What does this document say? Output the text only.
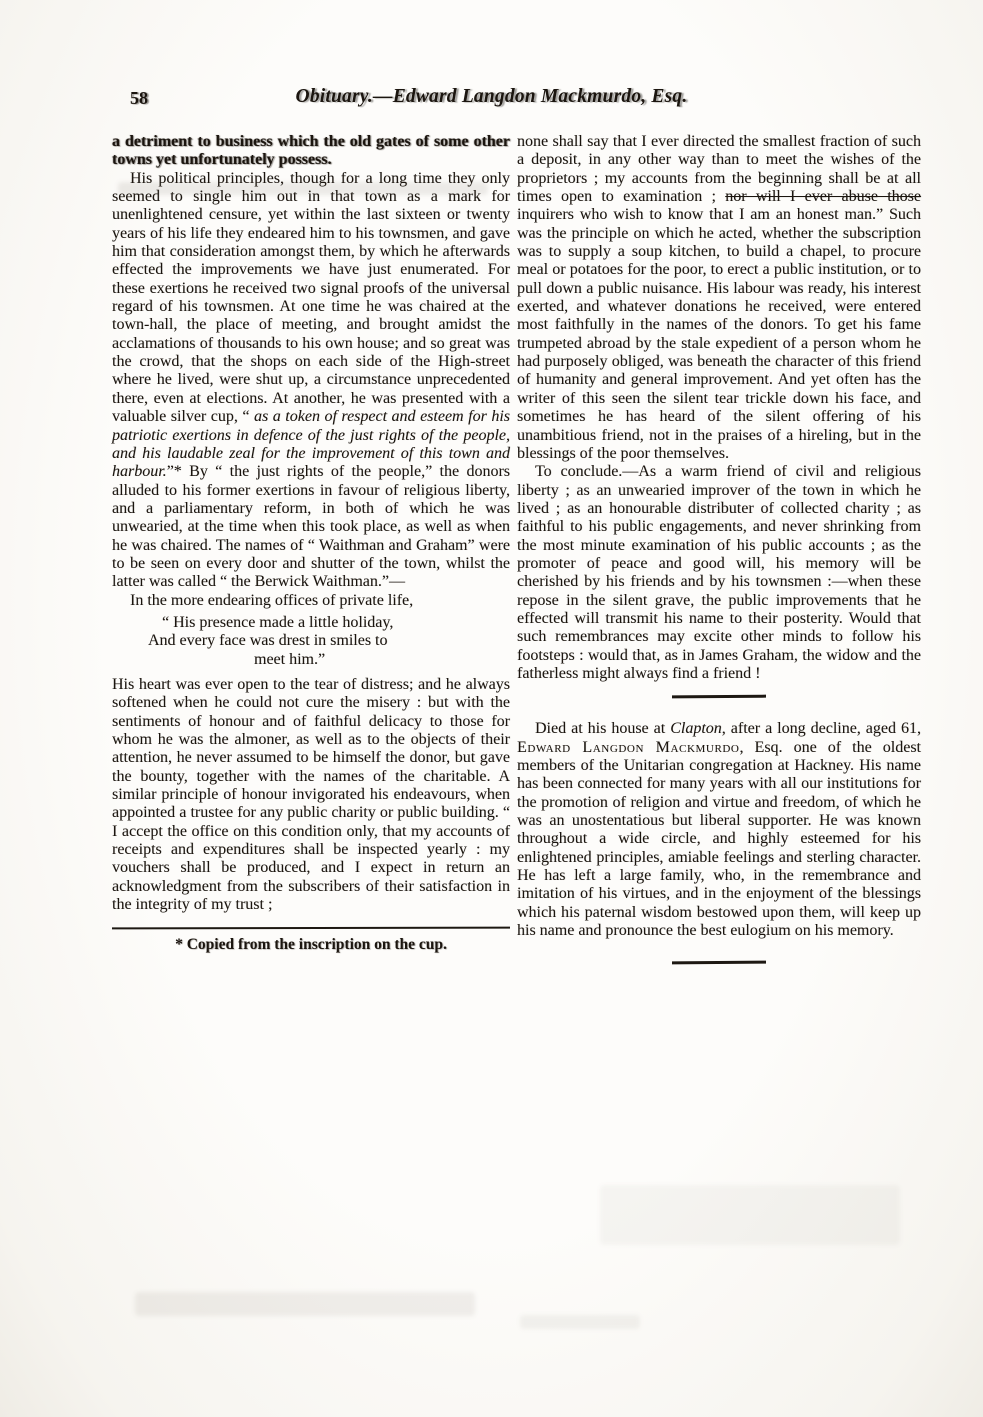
58	Obituary.—Edward Langdon Mackmurdo, Esq.

a detriment to business which the old gates of some other towns yet unfortunately possess.

His political principles, though for a long time they only seemed to single him out in that town as a mark for unenlightened censure, yet within the last sixteen or twenty years of his life they endeared him to his townsmen, and gave him that consideration amongst them, by which he afterwards effected the improvements we have just enumerated. For these exertions he received two signal proofs of the universal regard of his townsmen. At one time he was chaired at the town-hall, the place of meeting, and brought amidst the acclamations of thousands to his own house; and so great was the crowd, that the shops on each side of the High-street where he lived, were shut up, a circumstance unprecedented there, even at elections. At another, he was presented with a valuable silver cup, “ as a token of respect and esteem for his patriotic exertions in defence of the just rights of the people, and his laudable zeal for the improvement of this town and harbour.”* By “ the just rights of the people,” the donors alluded to his former exertions in favour of religious liberty, and a parliamentary reform, in both of which he was unwearied, at the time when this took place, as well as when he was chaired. The names of “ Waithman and Graham” were to be seen on every door and shutter of the town, whilst the latter was called “ the Berwick Waithman.”—

In the more endearing offices of private life,

“ His presence made a little holiday,
And every face was drest in smiles to
meet him.”

His heart was ever open to the tear of distress; and he always softened when he could not cure the misery : but with the sentiments of honour and of faithful delicacy to those for whom he was the almoner, as well as to the objects of their attention, he never assumed to be himself the donor, but gave the bounty, together with the names of the charitable. A similar principle of honour invigorated his endeavours, when appointed a trustee for any public charity or public building. “ I accept the office on this condition only, that my accounts of receipts and expenditures shall be inspected yearly : my vouchers shall be produced, and I expect in return an acknowledgment from the subscribers of their satisfaction in the integrity of my trust ;

* Copied from the inscription on the cup.

none shall say that I ever directed the smallest fraction of such a deposit, in any other way than to meet the wishes of the proprietors ; my accounts from the beginning shall be at all times open to examination ; nor will I ever abuse those inquirers who wish to know that I am an honest man.” Such was the principle on which he acted, whether the subscription was to supply a soup kitchen, to build a chapel, to procure meal or potatoes for the poor, to erect a public institution, or to pull down a public nuisance. His labour was ready, his interest exerted, and whatever donations he received, were entered most faithfully in the names of the donors. To get his fame trumpeted abroad by the stale expedient of a person whom he had purposely obliged, was beneath the character of this friend of humanity and general improvement. And yet often has the writer of this seen the silent tear trickle down his face, and sometimes he has heard of the silent offering of his unambitious friend, not in the praises of a hireling, but in the blessings of the poor themselves.

To conclude.—As a warm friend of civil and religious liberty ; as an unwearied improver of the town in which he lived ; as an honourable distributer of collected charity ; as faithful to his public engagements, and never shrinking from the most minute examination of his public accounts ; as the promoter of peace and good will, his memory will be cherished by his friends and by his townsmen :—when these repose in the silent grave, the public improvements that he effected will transmit his name to their posterity. Would that such remembrances may excite other minds to follow his footsteps : would that, as in James Graham, the widow and the fatherless might always find a friend !

Died at his house at Clapton, after a long decline, aged 61, Edward Langdon Mackmurdo, Esq. one of the oldest members of the Unitarian congregation at Hackney. His name has been connected for many years with all our institutions for the promotion of religion and virtue and freedom, of which he was an unostentatious but liberal supporter. He was known throughout a wide circle, and highly esteemed for his enlightened principles, amiable feelings and sterling character. He has left a large family, who, in the remembrance and imitation of his virtues, and in the enjoyment of the blessings which his paternal wisdom bestowed upon them, will keep up his name and pronounce the best eulogium on his memory.
